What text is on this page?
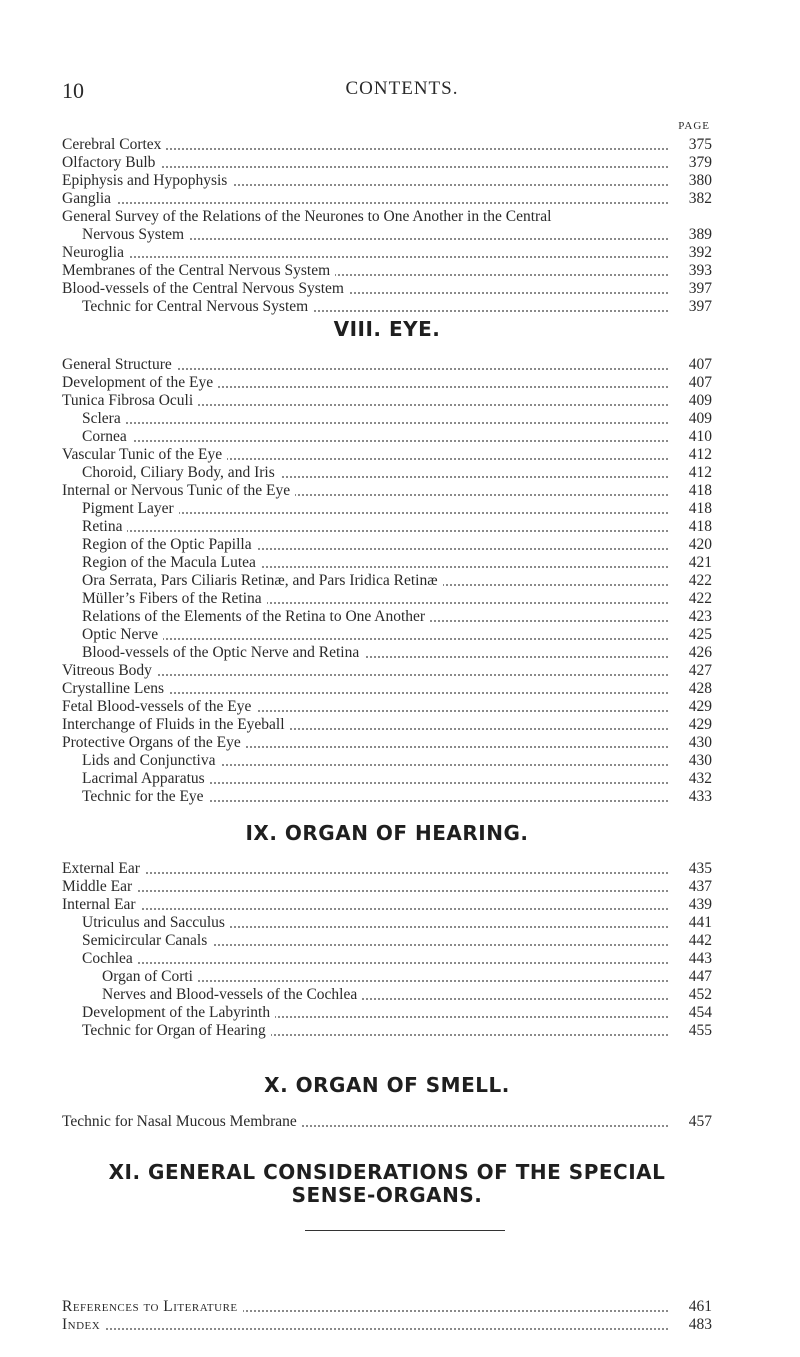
10	CONTENTS.
PAGE
Cerebral Cortex	375
Olfactory Bulb	379
Epiphysis and Hypophysis	380
Ganglia	382
General Survey of the Relations of the Neurones to One Another in the Central
Nervous System	389
Neuroglia	392
Membranes of the Central Nervous System	393
Blood-vessels of the Central Nervous System	397
Technic for Central Nervous System	397
VIII. EYE.
General Structure	407
Development of the Eye	407
Tunica Fibrosa Oculi	409
Sclera	409
Cornea	410
Vascular Tunic of the Eye	412
Choroid, Ciliary Body, and Iris	412
Internal or Nervous Tunic of the Eye	418
Pigment Layer	418
Retina	418
Region of the Optic Papilla	420
Region of the Macula Lutea	421
Ora Serrata, Pars Ciliaris Retinæ, and Pars Iridica Retinæ	422
Müller’s Fibers of the Retina	422
Relations of the Elements of the Retina to One Another	423
Optic Nerve	425
Blood-vessels of the Optic Nerve and Retina	426
Vitreous Body	427
Crystalline Lens	428
Fetal Blood-vessels of the Eye	429
Interchange of Fluids in the Eyeball	429
Protective Organs of the Eye	430
Lids and Conjunctiva	430
Lacrimal Apparatus	432
Technic for the Eye	433
IX. ORGAN OF HEARING.
External Ear	435
Middle Ear	437
Internal Ear	439
Utriculus and Sacculus	441
Semicircular Canals	442
Cochlea	443
Organ of Corti	447
Nerves and Blood-vessels of the Cochlea	452
Development of the Labyrinth	454
Technic for Organ of Hearing	455
X. ORGAN OF SMELL.
Technic for Nasal Mucous Membrane	457
XI. GENERAL CONSIDERATIONS OF THE SPECIAL
SENSE-ORGANS.
References to Literature	461
Index	483
